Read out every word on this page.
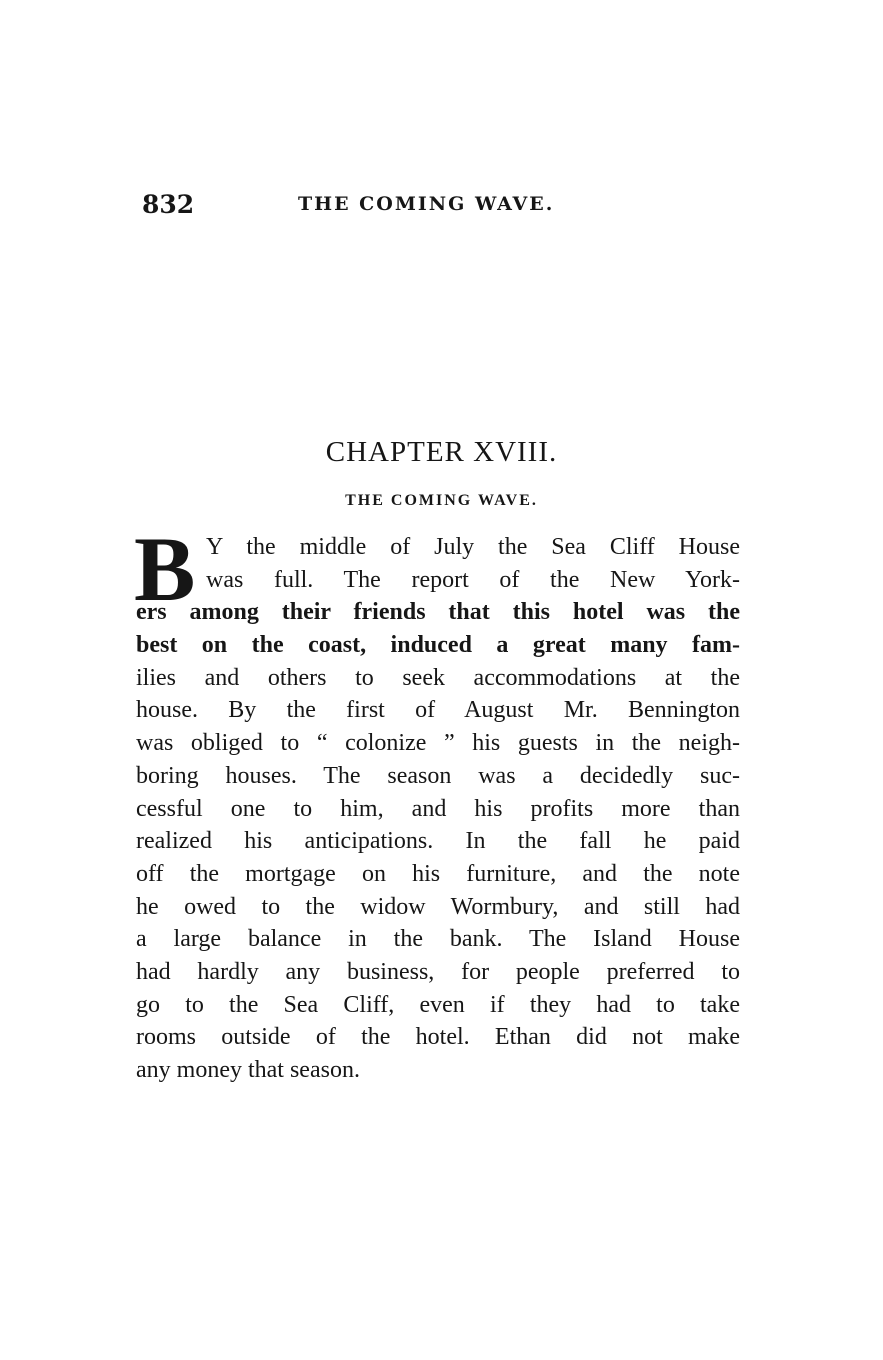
832	THE COMING WAVE.
CHAPTER XVIII.
THE COMING WAVE.
B Y the middle of July the Sea Cliff House
was full. The report of the New York-
ers among their friends that this hotel was the
best on the coast, induced a great many fam-
ilies and others to seek accommodations at the
house. By the first of August Mr. Bennington
was obliged to “ colonize ” his guests in the neigh-
boring houses. The season was a decidedly suc-
cessful one to him, and his profits more than
realized his anticipations. In the fall he paid
off the mortgage on his furniture, and the note
he owed to the widow Wormbury, and still had
a large balance in the bank. The Island House
had hardly any business, for people preferred to
go to the Sea Cliff, even if they had to take
rooms outside of the hotel. Ethan did not make
any money that season.
